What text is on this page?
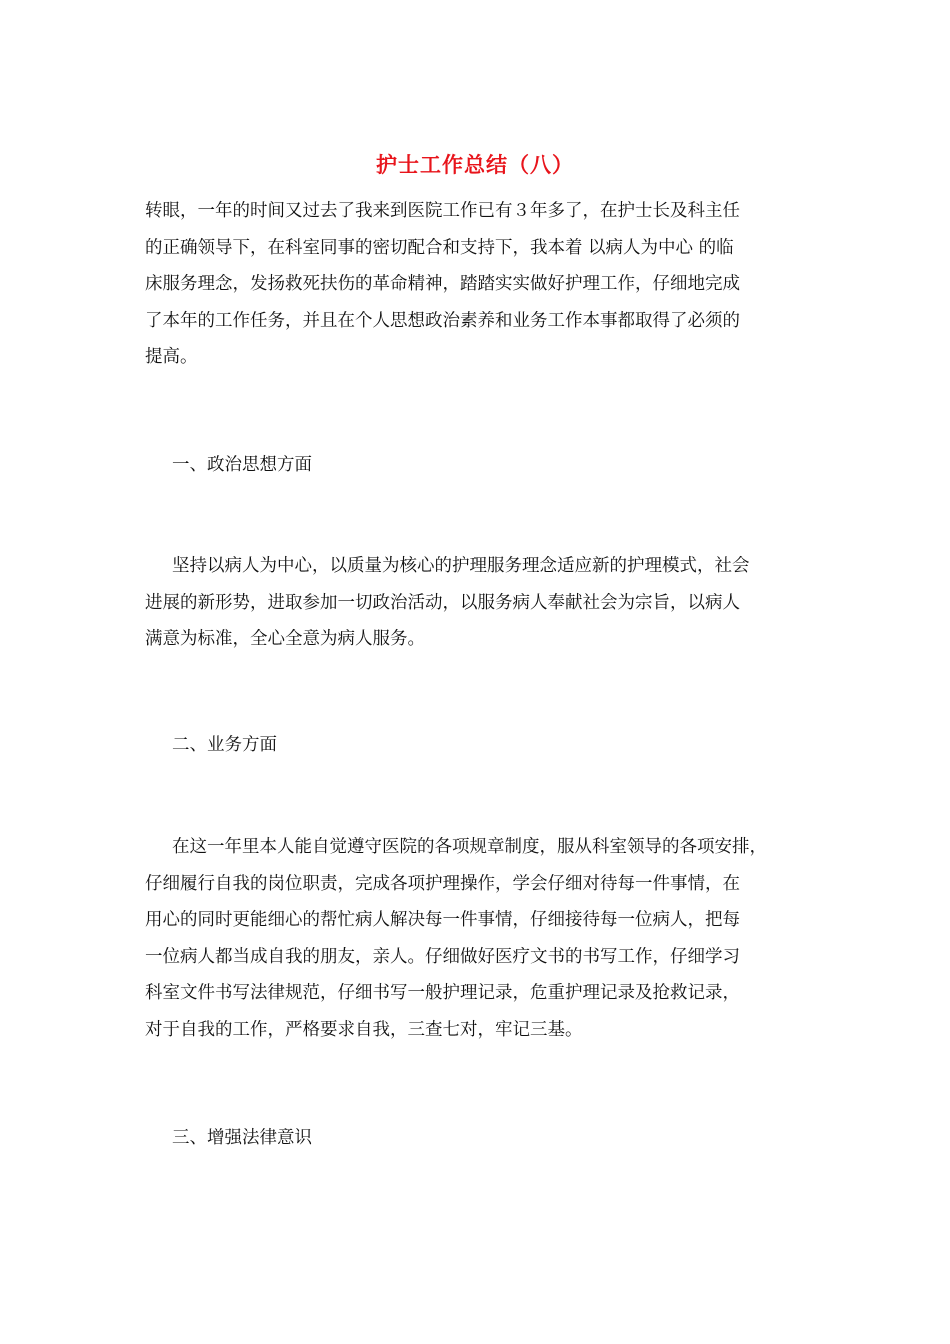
护士工作总结（八）

转眼，一年的时间又过去了我来到医院工作已有３年多了，在护士长及科主任
的正确领导下，在科室同事的密切配合和支持下，我本着 以病人为中心 的临
床服务理念，发扬救死扶伤的革命精神，踏踏实实做好护理工作，仔细地完成
了本年的工作任务，并且在个人思想政治素养和业务工作本事都取得了必须的
提高。

一、政治思想方面

坚持以病人为中心，以质量为核心的护理服务理念适应新的护理模式，社会
进展的新形势，进取参加一切政治活动，以服务病人奉献社会为宗旨，以病人
满意为标准，全心全意为病人服务。

二、业务方面

在这一年里本人能自觉遵守医院的各项规章制度，服从科室领导的各项安排，
仔细履行自我的岗位职责，完成各项护理操作，学会仔细对待每一件事情，在
用心的同时更能细心的帮忙病人解决每一件事情，仔细接待每一位病人，把每
一位病人都当成自我的朋友，亲人。仔细做好医疗文书的书写工作，仔细学习
科室文件书写法律规范，仔细书写一般护理记录，危重护理记录及抢救记录，
对于自我的工作，严格要求自我，三查七对，牢记三基。

三、增强法律意识
